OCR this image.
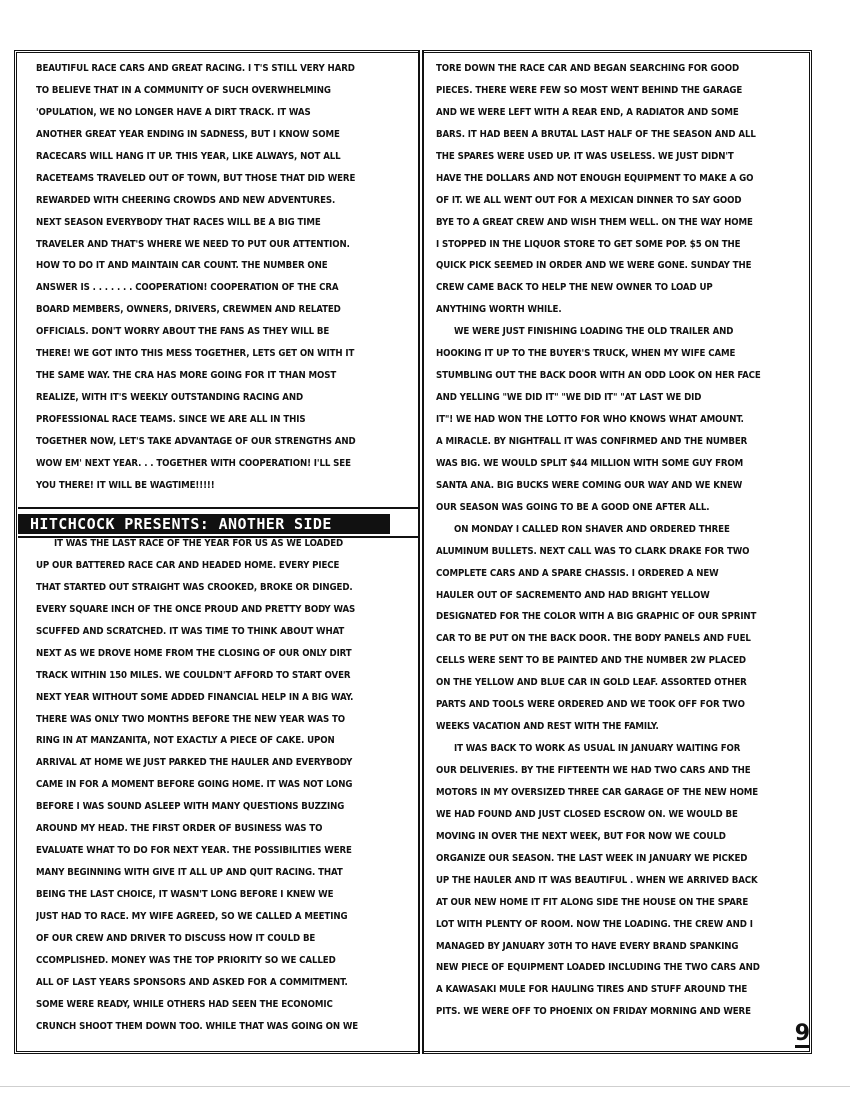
BEAUTIFUL RACE CARS AND GREAT RACING. I T'S STILL VERY HARD
TO BELIEVE THAT IN A COMMUNITY OF SUCH OVERWHELMING
'OPULATION, WE NO LONGER HAVE A DIRT TRACK. IT WAS
ANOTHER GREAT YEAR ENDING IN SADNESS, BUT I KNOW SOME
RACECARS WILL HANG IT UP. THIS YEAR, LIKE ALWAYS, NOT ALL
RACETEAMS TRAVELED OUT OF TOWN, BUT THOSE THAT DID WERE
REWARDED WITH CHEERING CROWDS AND NEW ADVENTURES.
NEXT SEASON EVERYBODY THAT RACES WILL BE A BIG TIME
TRAVELER AND THAT'S WHERE WE NEED TO PUT OUR ATTENTION.
HOW TO DO IT AND MAINTAIN CAR COUNT. THE NUMBER ONE
ANSWER IS . . . . . . . COOPERATION! COOPERATION OF THE CRA
BOARD MEMBERS, OWNERS, DRIVERS, CREWMEN AND RELATED
OFFICIALS. DON'T WORRY ABOUT THE FANS AS THEY WILL BE
THERE! WE GOT INTO THIS MESS TOGETHER, LETS GET ON WITH IT
THE SAME WAY. THE CRA HAS MORE GOING FOR IT THAN MOST
REALIZE, WITH IT'S WEEKLY OUTSTANDING RACING AND
PROFESSIONAL RACE TEAMS. SINCE WE ARE ALL IN THIS
TOGETHER NOW, LET'S TAKE ADVANTAGE OF OUR STRENGTHS AND
WOW EM' NEXT YEAR. . . TOGETHER WITH COOPERATION! I'LL SEE
YOU THERE! IT WILL BE WAGTIME!!!!!
HITCHCOCK PRESENTS: ANOTHER SIDE
IT WAS THE LAST RACE OF THE YEAR FOR US AS WE LOADED
UP OUR BATTERED RACE CAR AND HEADED HOME. EVERY PIECE
THAT STARTED OUT STRAIGHT WAS CROOKED, BROKE OR DINGED.
EVERY SQUARE INCH OF THE ONCE PROUD AND PRETTY BODY WAS
SCUFFED AND SCRATCHED. IT WAS TIME TO THINK ABOUT WHAT
NEXT AS WE DROVE HOME FROM THE CLOSING OF OUR ONLY DIRT
TRACK WITHIN 150 MILES. WE COULDN'T AFFORD TO START OVER
NEXT YEAR WITHOUT SOME ADDED FINANCIAL HELP IN A BIG WAY.
THERE WAS ONLY TWO MONTHS BEFORE THE NEW YEAR WAS TO
RING IN AT MANZANITA, NOT EXACTLY A PIECE OF CAKE. UPON
ARRIVAL AT HOME WE JUST PARKED THE HAULER AND EVERYBODY
CAME IN FOR A MOMENT BEFORE GOING HOME. IT WAS NOT LONG
BEFORE I WAS SOUND ASLEEP WITH MANY QUESTIONS BUZZING
AROUND MY HEAD. THE FIRST ORDER OF BUSINESS WAS TO
EVALUATE WHAT TO DO FOR NEXT YEAR. THE POSSIBILITIES WERE
MANY BEGINNING WITH GIVE IT ALL UP AND QUIT RACING. THAT
BEING THE LAST CHOICE, IT WASN'T LONG BEFORE I KNEW WE
JUST HAD TO RACE. MY WIFE AGREED, SO WE CALLED A MEETING
OF OUR CREW AND DRIVER TO DISCUSS HOW IT COULD BE
CCOMPLISHED. MONEY WAS THE TOP PRIORITY SO WE CALLED
ALL OF LAST YEARS SPONSORS AND ASKED FOR A COMMITMENT.
SOME WERE READY, WHILE OTHERS HAD SEEN THE ECONOMIC
CRUNCH SHOOT THEM DOWN TOO. WHILE THAT WAS GOING ON WE
TORE DOWN THE RACE CAR AND BEGAN SEARCHING FOR GOOD
PIECES. THERE WERE FEW SO MOST WENT BEHIND THE GARAGE
AND WE WERE LEFT WITH A REAR END, A RADIATOR AND SOME
BARS. IT HAD BEEN A BRUTAL LAST HALF OF THE SEASON AND ALL
THE SPARES WERE USED UP. IT WAS USELESS. WE JUST DIDN'T
HAVE THE DOLLARS AND NOT ENOUGH EQUIPMENT TO MAKE A GO
OF IT. WE ALL WENT OUT FOR A MEXICAN DINNER TO SAY GOOD
BYE TO A GREAT CREW AND WISH THEM WELL. ON THE WAY HOME
I STOPPED IN THE LIQUOR STORE TO GET SOME POP. $5 ON THE
QUICK PICK SEEMED IN ORDER AND WE WERE GONE. SUNDAY THE
CREW CAME BACK TO HELP THE NEW OWNER TO LOAD UP
ANYTHING WORTH WHILE.
WE WERE JUST FINISHING LOADING THE OLD TRAILER AND
HOOKING IT UP TO THE BUYER'S TRUCK, WHEN MY WIFE CAME
STUMBLING OUT THE BACK DOOR WITH AN ODD LOOK ON HER FACE
AND YELLING "WE DID IT" "WE DID IT" "AT LAST WE DID
IT"! WE HAD WON THE LOTTO FOR WHO KNOWS WHAT AMOUNT.
A MIRACLE. BY NIGHTFALL IT WAS CONFIRMED AND THE NUMBER
WAS BIG. WE WOULD SPLIT $44 MILLION WITH SOME GUY FROM
SANTA ANA. BIG BUCKS WERE COMING OUR WAY AND WE KNEW
OUR SEASON WAS GOING TO BE A GOOD ONE AFTER ALL.
ON MONDAY I CALLED RON SHAVER AND ORDERED THREE
ALUMINUM BULLETS. NEXT CALL WAS TO CLARK DRAKE FOR TWO
COMPLETE CARS AND A SPARE CHASSIS. I ORDERED A NEW
HAULER OUT OF SACREMENTO AND HAD BRIGHT YELLOW
DESIGNATED FOR THE COLOR WITH A BIG GRAPHIC OF OUR SPRINT
CAR TO BE PUT ON THE BACK DOOR. THE BODY PANELS AND FUEL
CELLS WERE SENT TO BE PAINTED AND THE NUMBER 2W PLACED
ON THE YELLOW AND BLUE CAR IN GOLD LEAF. ASSORTED OTHER
PARTS AND TOOLS WERE ORDERED AND WE TOOK OFF FOR TWO
WEEKS VACATION AND REST WITH THE FAMILY.
IT WAS BACK TO WORK AS USUAL IN JANUARY WAITING FOR
OUR DELIVERIES. BY THE FIFTEENTH WE HAD TWO CARS AND THE
MOTORS IN MY OVERSIZED THREE CAR GARAGE OF THE NEW HOME
WE HAD FOUND AND JUST CLOSED ESCROW ON. WE WOULD BE
MOVING IN OVER THE NEXT WEEK, BUT FOR NOW WE COULD
ORGANIZE OUR SEASON. THE LAST WEEK IN JANUARY WE PICKED
UP THE HAULER AND IT WAS BEAUTIFUL . WHEN WE ARRIVED BACK
AT OUR NEW HOME IT FIT ALONG SIDE THE HOUSE ON THE SPARE
LOT WITH PLENTY OF ROOM. NOW THE LOADING. THE CREW AND I
MANAGED BY JANUARY 30TH TO HAVE EVERY BRAND SPANKING
NEW PIECE OF EQUIPMENT LOADED INCLUDING THE TWO CARS AND
A KAWASAKI MULE FOR HAULING TIRES AND STUFF AROUND THE
PITS. WE WERE OFF TO PHOENIX ON FRIDAY MORNING AND WERE
9
